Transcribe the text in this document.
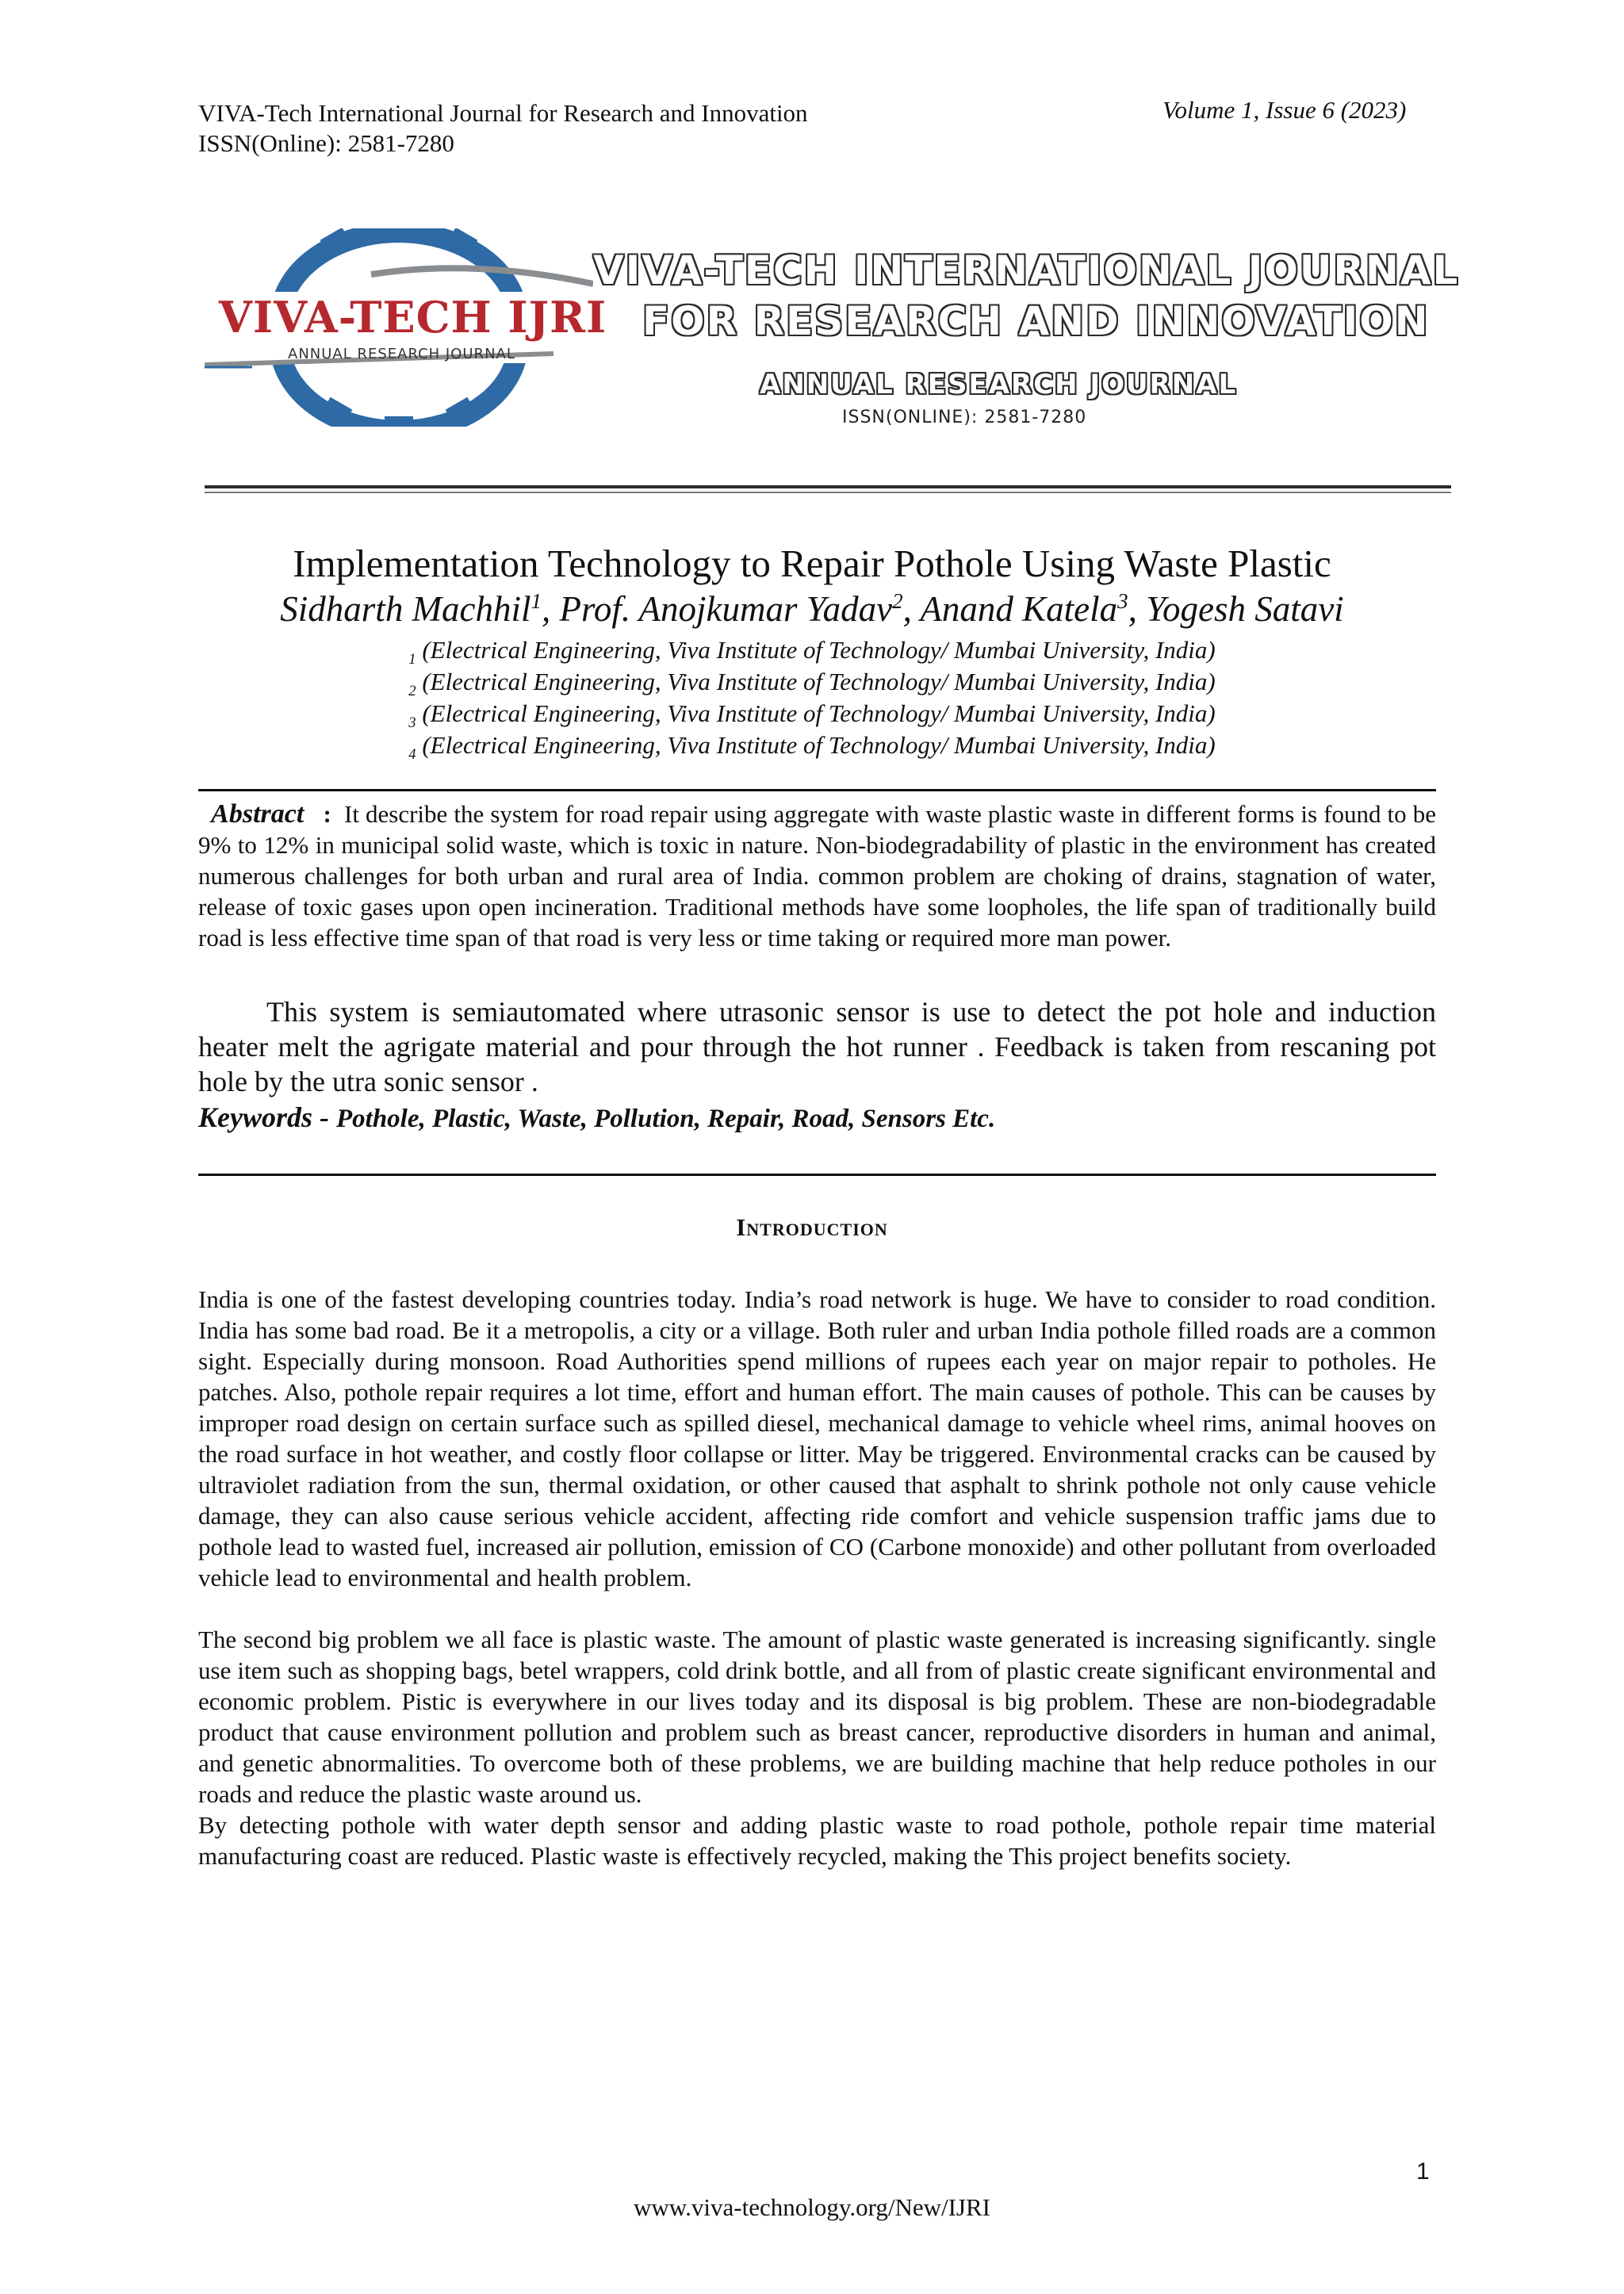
VIVA-Tech International Journal for Research and Innovation
ISSN(Online): 2581-7280
Volume 1, Issue 6 (2023)
VIVA-TECH IJRI
ANNUAL RESEARCH JOURNAL
VIVA-TECH INTERNATIONAL JOURNAL
FOR RESEARCH AND INNOVATION
ANNUAL RESEARCH JOURNAL
ISSN(ONLINE): 2581-7280
Implementation Technology to Repair Pothole Using Waste Plastic
Sidharth Machhil$^1$, Prof. Anojkumar Yadav$^2$, Anand Katela$^3$, Yogesh Satavi
$_1$ (Electrical Engineering, Viva Institute of Technology/ Mumbai University, India)
$_2$ (Electrical Engineering, Viva Institute of Technology/ Mumbai University, India)
$_3$ (Electrical Engineering, Viva Institute of Technology/ Mumbai University, India)
$_4$ (Electrical Engineering, Viva Institute of Technology/ Mumbai University, India)
Abstract : It describe the system for road repair using aggregate with waste plastic waste in different forms is found to be 9% to 12% in municipal solid waste, which is toxic in nature. Non-biodegradability of plastic in the environment has created numerous challenges for both urban and rural area of India. common problem are choking of drains, stagnation of water, release of toxic gases upon open incineration. Traditional methods have some loopholes, the life span of traditionally build road is less effective time span of that road is very less or time taking or required more man power.
This system is semiautomated where utrasonic sensor is use to detect the pot hole and induction heater melt the agrigate material and pour through the hot runner . Feedback is taken from rescaning pot hole by the utra sonic sensor .
Keywords - Pothole, Plastic, Waste, Pollution, Repair, Road, Sensors Etc.
Introduction
India is one of the fastest developing countries today. India’s road network is huge. We have to consider to road condition. India has some bad road. Be it a metropolis, a city or a village. Both ruler and urban India pothole filled roads are a common sight. Especially during monsoon. Road Authorities spend millions of rupees each year on major repair to potholes. He patches. Also, pothole repair requires a lot time, effort and human effort. The main causes of pothole. This can be causes by improper road design on certain surface such as spilled diesel, mechanical damage to vehicle wheel rims, animal hooves on the road surface in hot weather, and costly floor collapse or litter. May be triggered. Environmental cracks can be caused by ultraviolet radiation from the sun, thermal oxidation, or other caused that asphalt to shrink pothole not only cause vehicle damage, they can also cause serious vehicle accident, affecting ride comfort and vehicle suspension traffic jams due to pothole lead to wasted fuel, increased air pollution, emission of CO (Carbone monoxide) and other pollutant from overloaded vehicle lead to environmental and health problem.
The second big problem we all face is plastic waste. The amount of plastic waste generated is increasing significantly. single use item such as shopping bags, betel wrappers, cold drink bottle, and all from of plastic create significant environmental and economic problem. Pistic is everywhere in our lives today and its disposal is big problem. These are non-biodegradable product that cause environment pollution and problem such as breast cancer, reproductive disorders in human and animal, and genetic abnormalities. To overcome both of these problems, we are building machine that help reduce potholes in our roads and reduce the plastic waste around us.
By detecting pothole with water depth sensor and adding plastic waste to road pothole, pothole repair time material manufacturing coast are reduced. Plastic waste is effectively recycled, making the This project benefits society.
1
www.viva-technology.org/New/IJRI
